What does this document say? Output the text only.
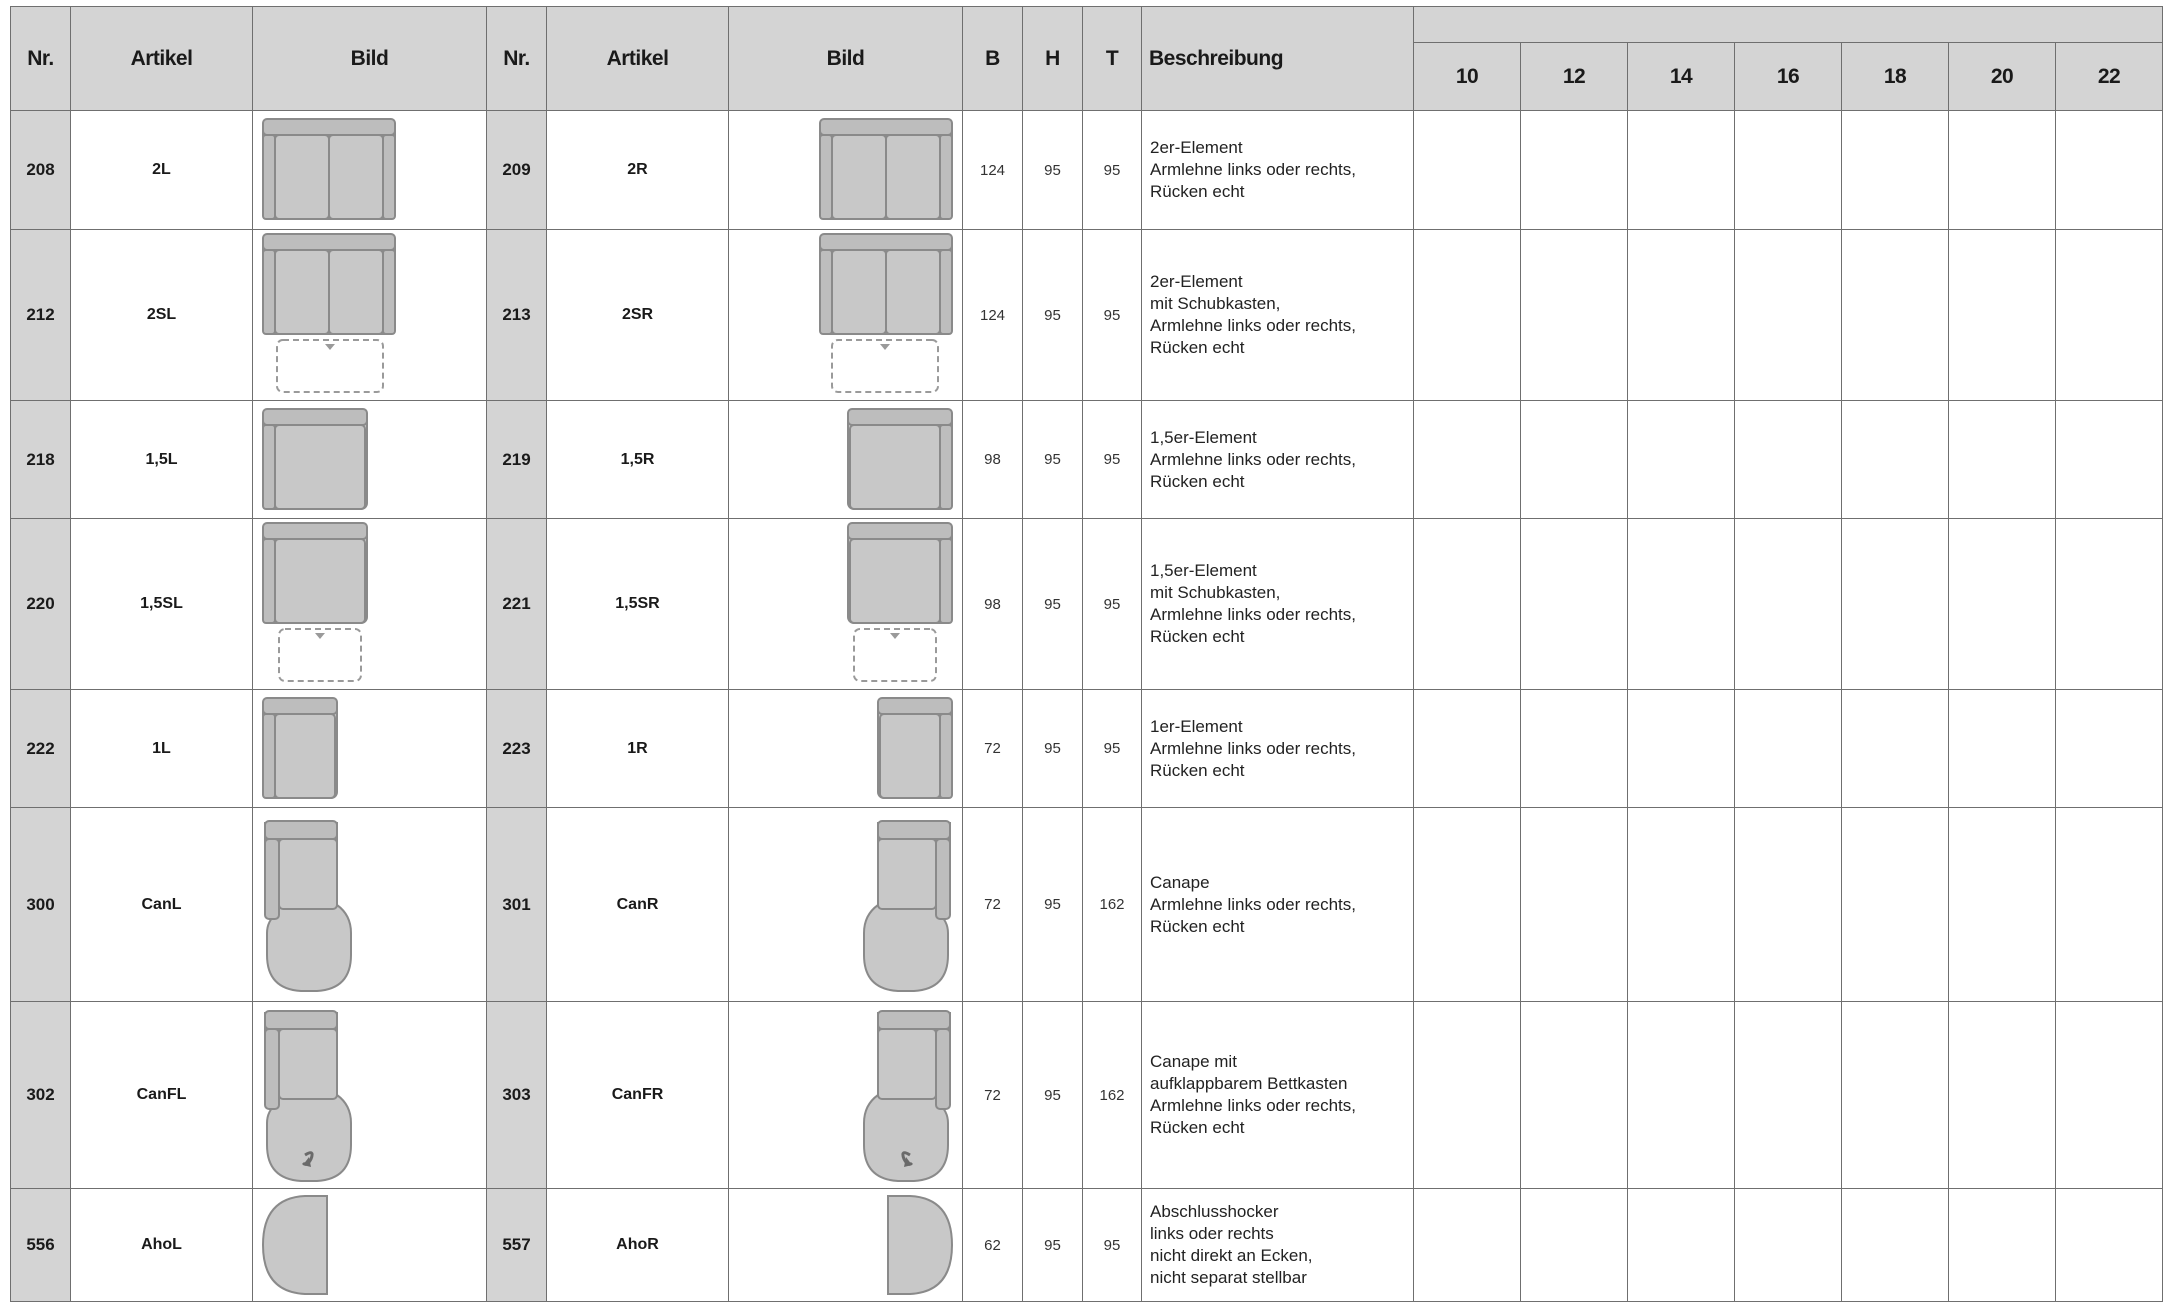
Nr.	Artikel	Bild	Nr.	Artikel	Bild	B	H	T	Beschreibung							
										10	12	14	16	18	20	22
208	2L		209	2R		124	95	95	2er-Element
Armlehne links oder rechts,
Rücken echt							

212	2SL		213	2SR		124	95	95	2er-Element
mit Schubkasten,
Armlehne links oder rechts,
Rücken echt							

218	1,5L		219	1,5R		98	95	95	1,5er-Element
Armlehne links oder rechts,
Rücken echt							

220	1,5SL		221	1,5SR		98	95	95	1,5er-Element
mit Schubkasten,
Armlehne links oder rechts,
Rücken echt							

222	1L		223	1R		72	95	95	1er-Element
Armlehne links oder rechts,
Rücken echt							

300	CanL		301	CanR		72	95	162	Canape
Armlehne links oder rechts,
Rücken echt							

302	CanFL		303	CanFR		72	95	162	Canape mit
aufklappbarem Bettkasten
Armlehne links oder rechts,
Rücken echt							

556	AhoL		557	AhoR		62	95	95	Abschlusshocker
links oder rechts
nicht direkt an Ecken,
nicht separat stellbar							
